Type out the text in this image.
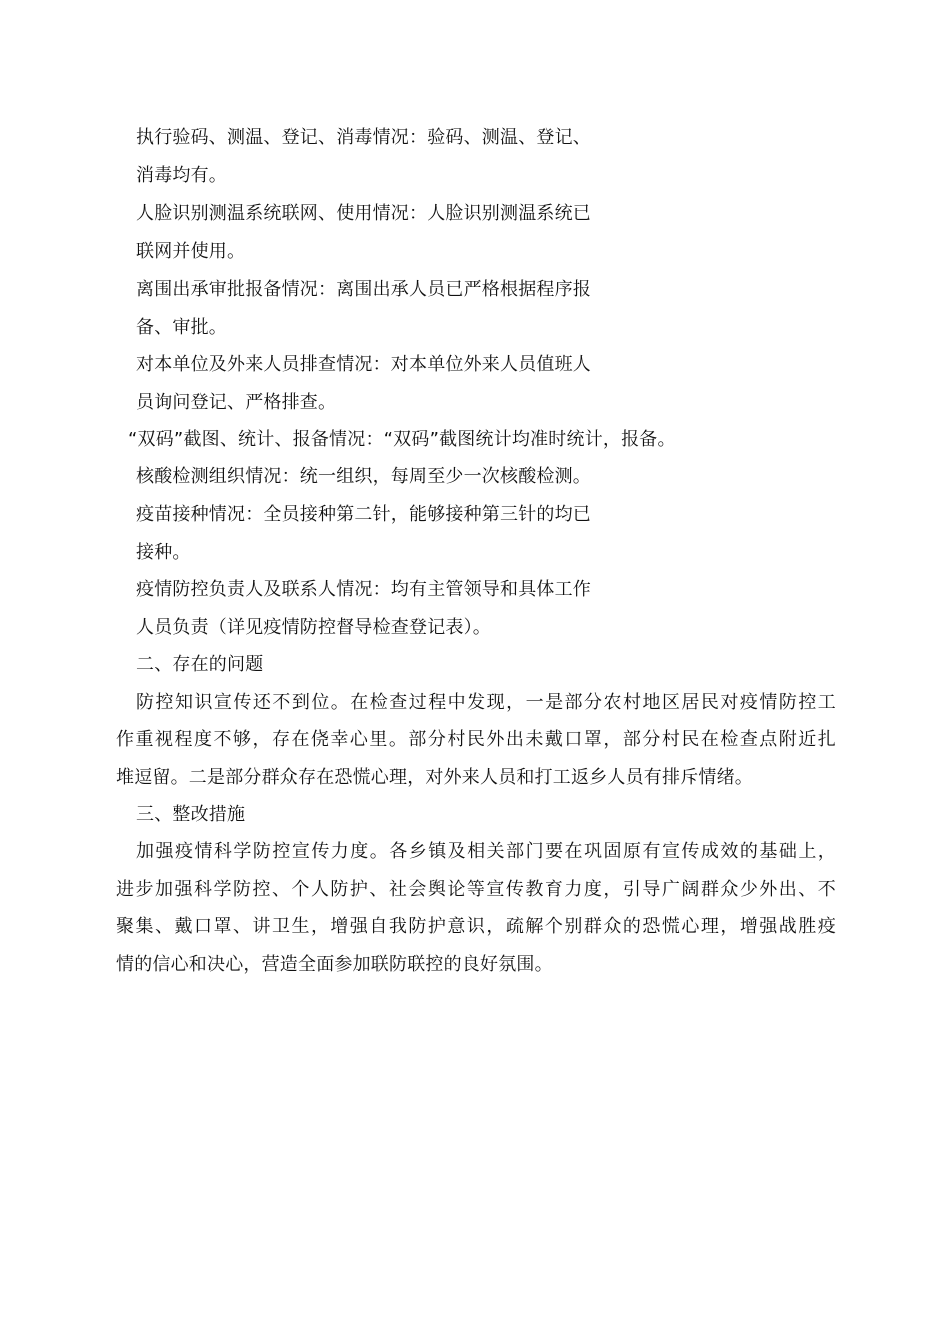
执行验码、测温、登记、消毒情况：验码、测温、登记、
消毒均有。
人脸识别测温系统联网、使用情况：人脸识别测温系统已
联网并使用。
离围出承审批报备情况：离围出承人员已严格根据程序报
备、审批。
对本单位及外来人员排查情况：对本单位外来人员值班人
员询问登记、严格排查。
“双码”截图、统计、报备情况：“双码”截图统计均准时统计，报备。
核酸检测组织情况：统一组织，每周至少一次核酸检测。
疫苗接种情况：全员接种第二针，能够接种第三针的均已
接种。
疫情防控负责人及联系人情况：均有主管领导和具体工作
人员负责（详见疫情防控督导检查登记表）。
二、存在的问题
防控知识宣传还不到位。在检查过程中发现，一是部分农村地区居民对疫情防控工
作重视程度不够，存在侥幸心里。部分村民外出未戴口罩，部分村民在检查点附近扎
堆逗留。二是部分群众存在恐慌心理，对外来人员和打工返乡人员有排斥情绪。
三、整改措施
加强疫情科学防控宣传力度。各乡镇及相关部门要在巩固原有宣传成效的基础上，
进步加强科学防控、个人防护、社会舆论等宣传教育力度，引导广阔群众少外出、不
聚集、戴口罩、讲卫生，增强自我防护意识，疏解个别群众的恐慌心理，增强战胜疫
情的信心和决心，营造全面参加联防联控的良好氛围。
